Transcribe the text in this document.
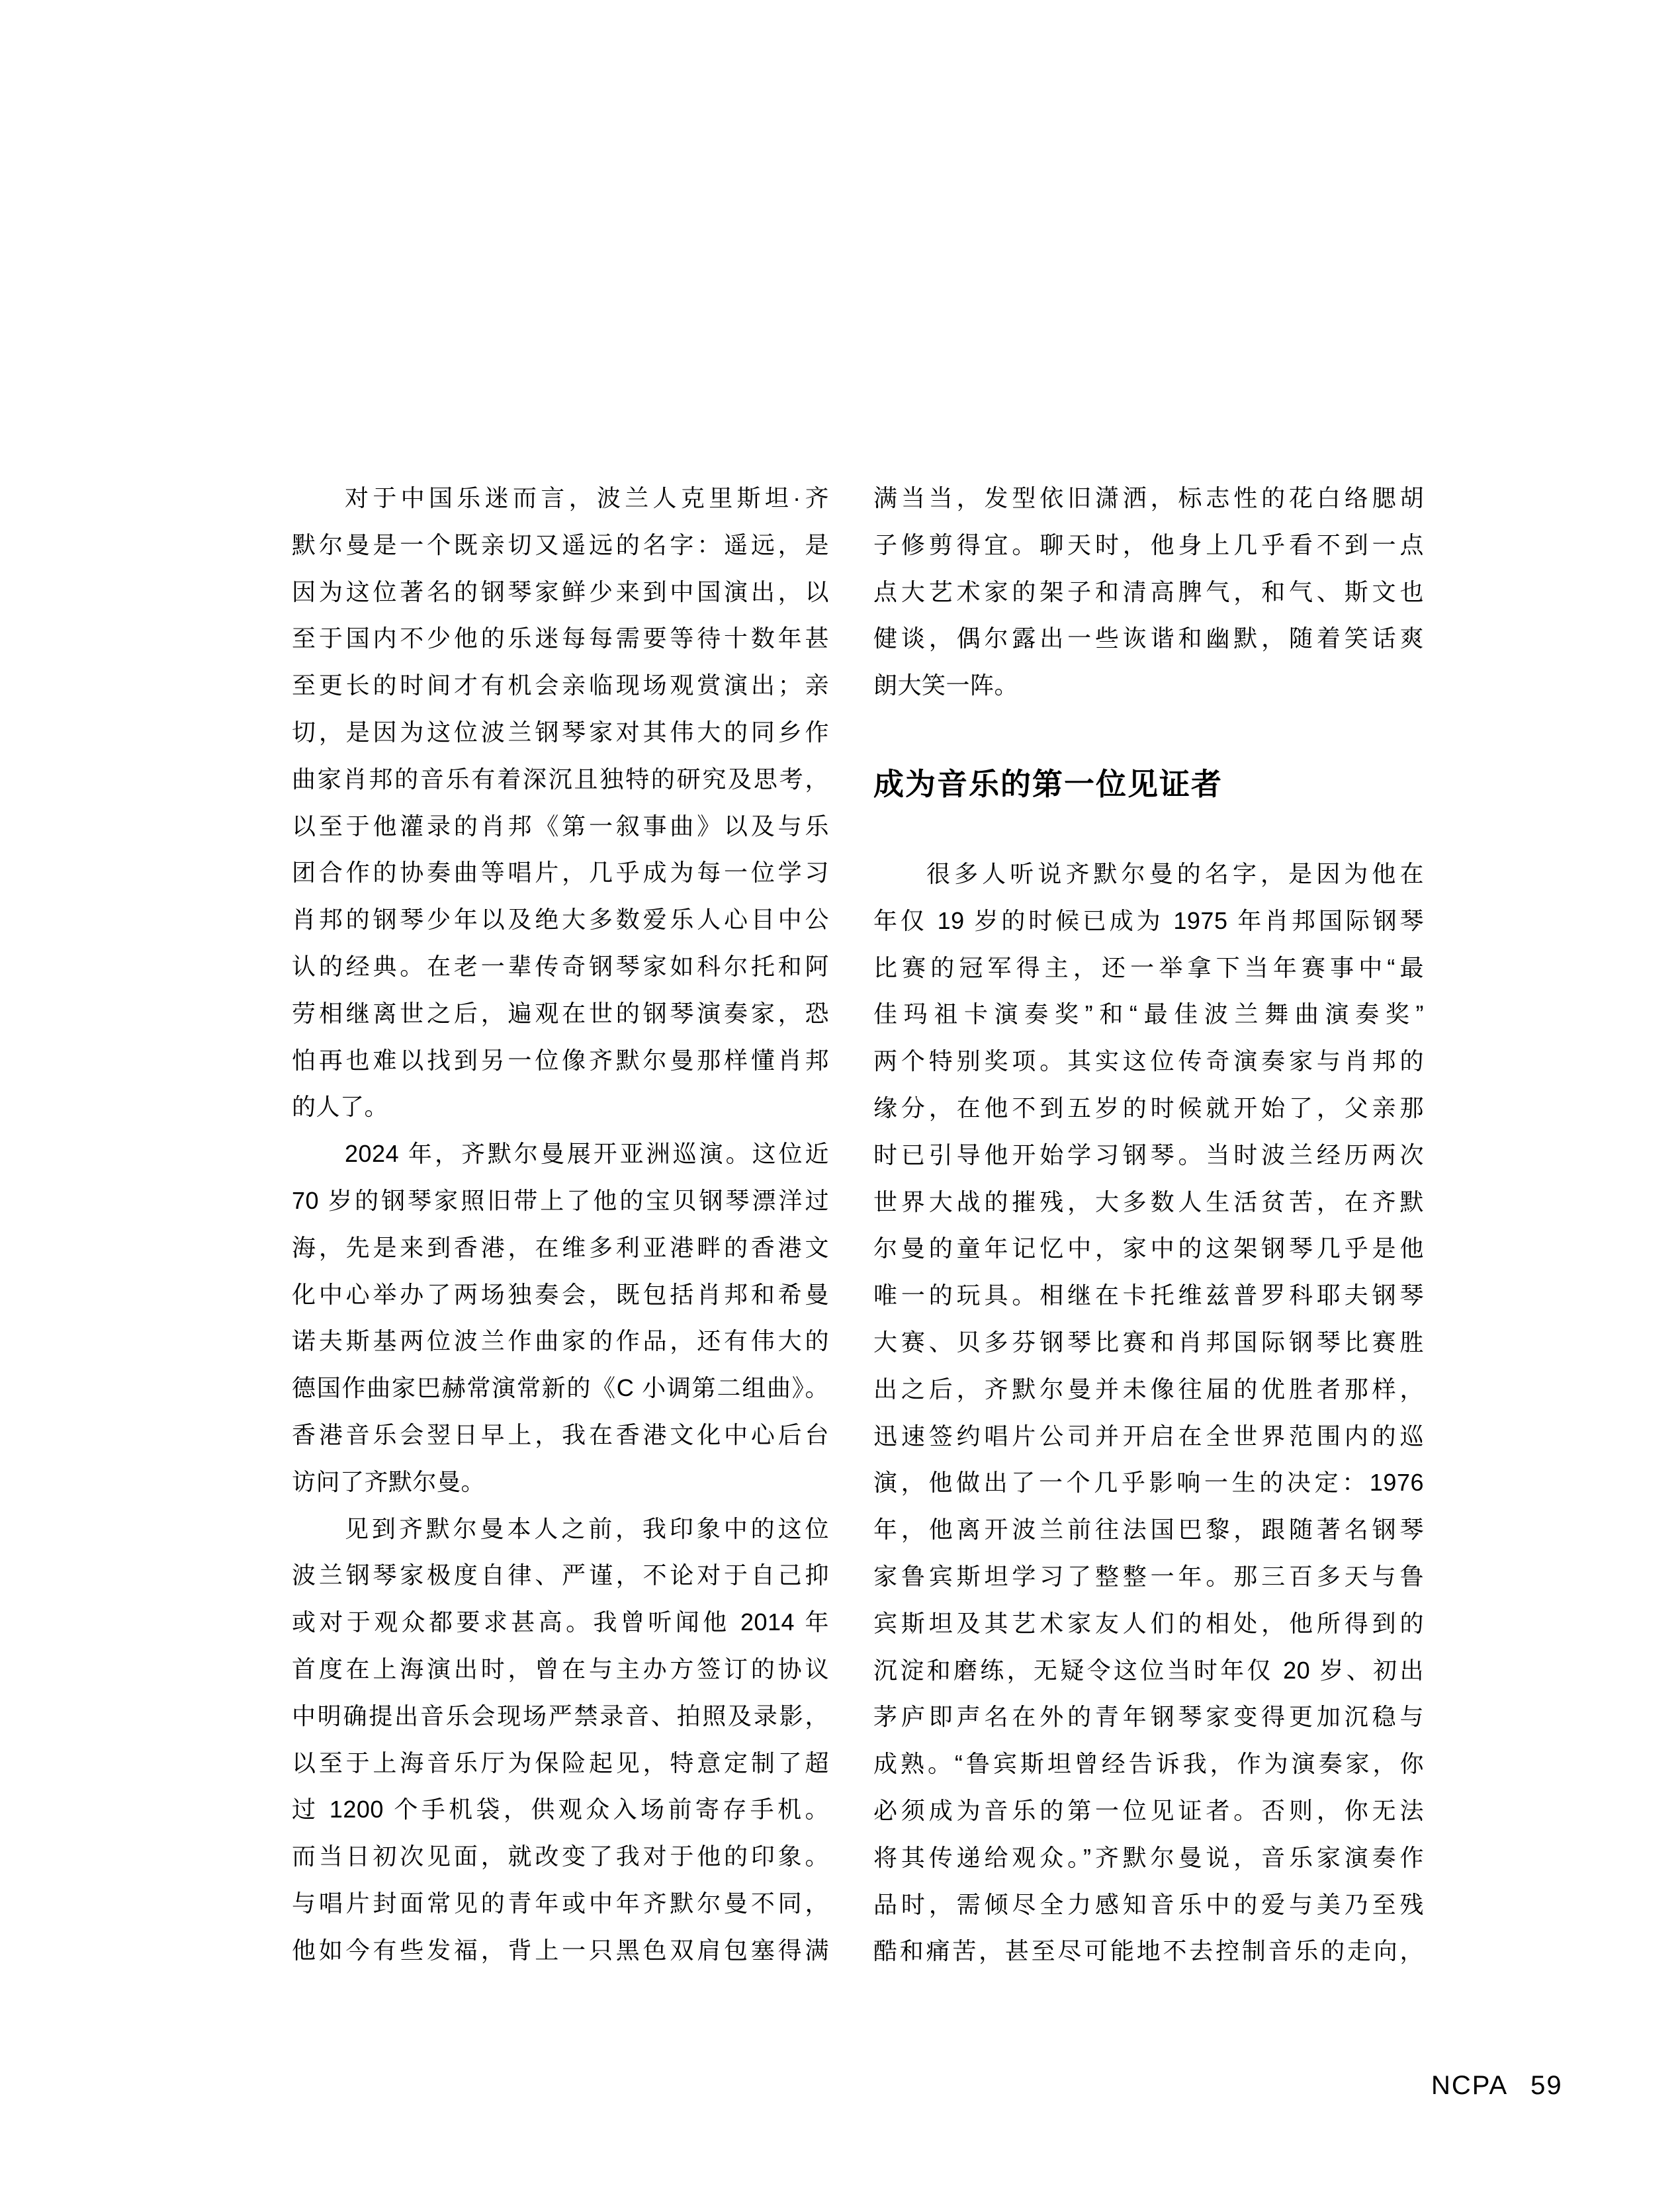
对于中国乐迷而言，波兰人克里斯坦·齐
默尔曼是一个既亲切又遥远的名字：遥远，是
因为这位著名的钢琴家鲜少来到中国演出，以
至于国内不少他的乐迷每每需要等待十数年甚
至更长的时间才有机会亲临现场观赏演出；亲
切，是因为这位波兰钢琴家对其伟大的同乡作
曲家肖邦的音乐有着深沉且独特的研究及思考，
以至于他灌录的肖邦《第一叙事曲》以及与乐
团合作的协奏曲等唱片，几乎成为每一位学习
肖邦的钢琴少年以及绝大多数爱乐人心目中公
认的经典。在老一辈传奇钢琴家如科尔托和阿
劳相继离世之后，遍观在世的钢琴演奏家，恐
怕再也难以找到另一位像齐默尔曼那样懂肖邦
的人了。
2024 年，齐默尔曼展开亚洲巡演。这位近
70 岁的钢琴家照旧带上了他的宝贝钢琴漂洋过
海，先是来到香港，在维多利亚港畔的香港文
化中心举办了两场独奏会，既包括肖邦和希曼
诺夫斯基两位波兰作曲家的作品，还有伟大的
德国作曲家巴赫常演常新的《C 小调第二组曲》。
香港音乐会翌日早上，我在香港文化中心后台
访问了齐默尔曼。
见到齐默尔曼本人之前，我印象中的这位
波兰钢琴家极度自律、严谨，不论对于自己抑
或对于观众都要求甚高。我曾听闻他 2014 年
首度在上海演出时，曾在与主办方签订的协议
中明确提出音乐会现场严禁录音、拍照及录影，
以至于上海音乐厅为保险起见，特意定制了超
过 1200 个手机袋，供观众入场前寄存手机。
而当日初次见面，就改变了我对于他的印象。
与唱片封面常见的青年或中年齐默尔曼不同，
他如今有些发福，背上一只黑色双肩包塞得满
满当当，发型依旧潇洒，标志性的花白络腮胡
子修剪得宜。聊天时，他身上几乎看不到一点
点大艺术家的架子和清高脾气，和气、斯文也
健谈，偶尔露出一些诙谐和幽默，随着笑话爽
朗大笑一阵。
成为音乐的第一位见证者
很多人听说齐默尔曼的名字，是因为他在
年仅 19 岁的时候已成为 1975 年肖邦国际钢琴
比赛的冠军得主，还一举拿下当年赛事中“最
佳玛祖卡演奏奖”和“最佳波兰舞曲演奏奖”
两个特别奖项。其实这位传奇演奏家与肖邦的
缘分，在他不到五岁的时候就开始了，父亲那
时已引导他开始学习钢琴。当时波兰经历两次
世界大战的摧残，大多数人生活贫苦，在齐默
尔曼的童年记忆中，家中的这架钢琴几乎是他
唯一的玩具。相继在卡托维兹普罗科耶夫钢琴
大赛、贝多芬钢琴比赛和肖邦国际钢琴比赛胜
出之后，齐默尔曼并未像往届的优胜者那样，
迅速签约唱片公司并开启在全世界范围内的巡
演，他做出了一个几乎影响一生的决定：1976
年，他离开波兰前往法国巴黎，跟随著名钢琴
家鲁宾斯坦学习了整整一年。那三百多天与鲁
宾斯坦及其艺术家友人们的相处，他所得到的
沉淀和磨练，无疑令这位当时年仅 20 岁、初出
茅庐即声名在外的青年钢琴家变得更加沉稳与
成熟。“鲁宾斯坦曾经告诉我，作为演奏家，你
必须成为音乐的第一位见证者。否则，你无法
将其传递给观众。”齐默尔曼说，音乐家演奏作
品时，需倾尽全力感知音乐中的爱与美乃至残
酷和痛苦，甚至尽可能地不去控制音乐的走向，
NCPA 59
